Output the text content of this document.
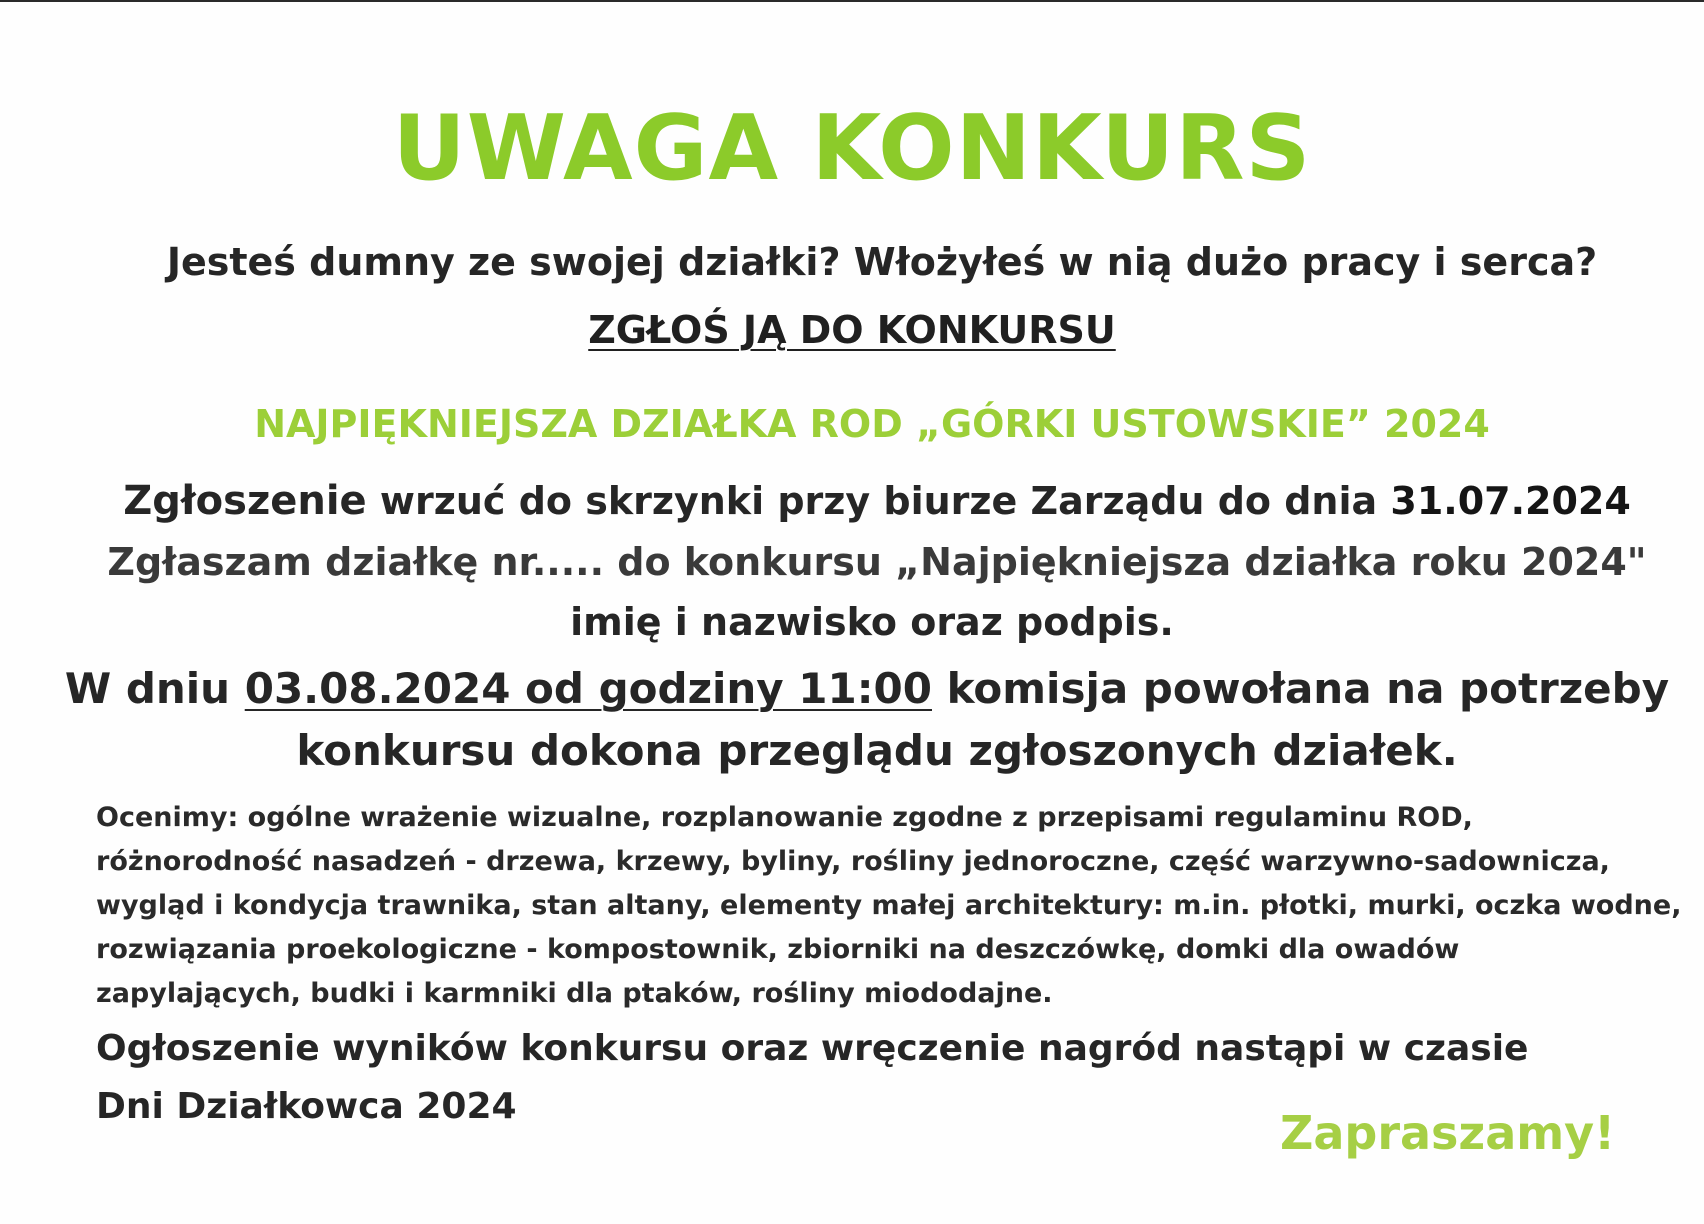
UWAGA KONKURS
Jesteś dumny ze swojej działki? Włożyłeś w nią dużo pracy i serca?
ZGŁOŚ JĄ DO KONKURSU
NAJPIĘKNIEJSZA DZIAŁKA ROD „GÓRKI USTOWSKIE” 2024
Zgłoszenie wrzuć do skrzynki przy biurze Zarządu do dnia 31.07.2024
Zgłaszam działkę nr..... do konkursu „Najpiękniejsza działka roku 2024"
imię i nazwisko oraz podpis.
W dniu 03.08.2024 od godziny 11:00 komisja powołana na potrzeby
konkursu dokona przeglądu zgłoszonych działek.
Ocenimy: ogólne wrażenie wizualne, rozplanowanie zgodne z przepisami regulaminu ROD,
różnorodność nasadzeń - drzewa, krzewy, byliny, rośliny jednoroczne, część warzywno-sadownicza,
wygląd i kondycja trawnika, stan altany, elementy małej architektury: m.in. płotki, murki, oczka wodne,
rozwiązania proekologiczne - kompostownik, zbiorniki na deszczówkę, domki dla owadów
zapylających, budki i karmniki dla ptaków, rośliny miododajne.
Ogłoszenie wyników konkursu oraz wręczenie nagród nastąpi w czasie
Dni Działkowca 2024	Zapraszamy!
